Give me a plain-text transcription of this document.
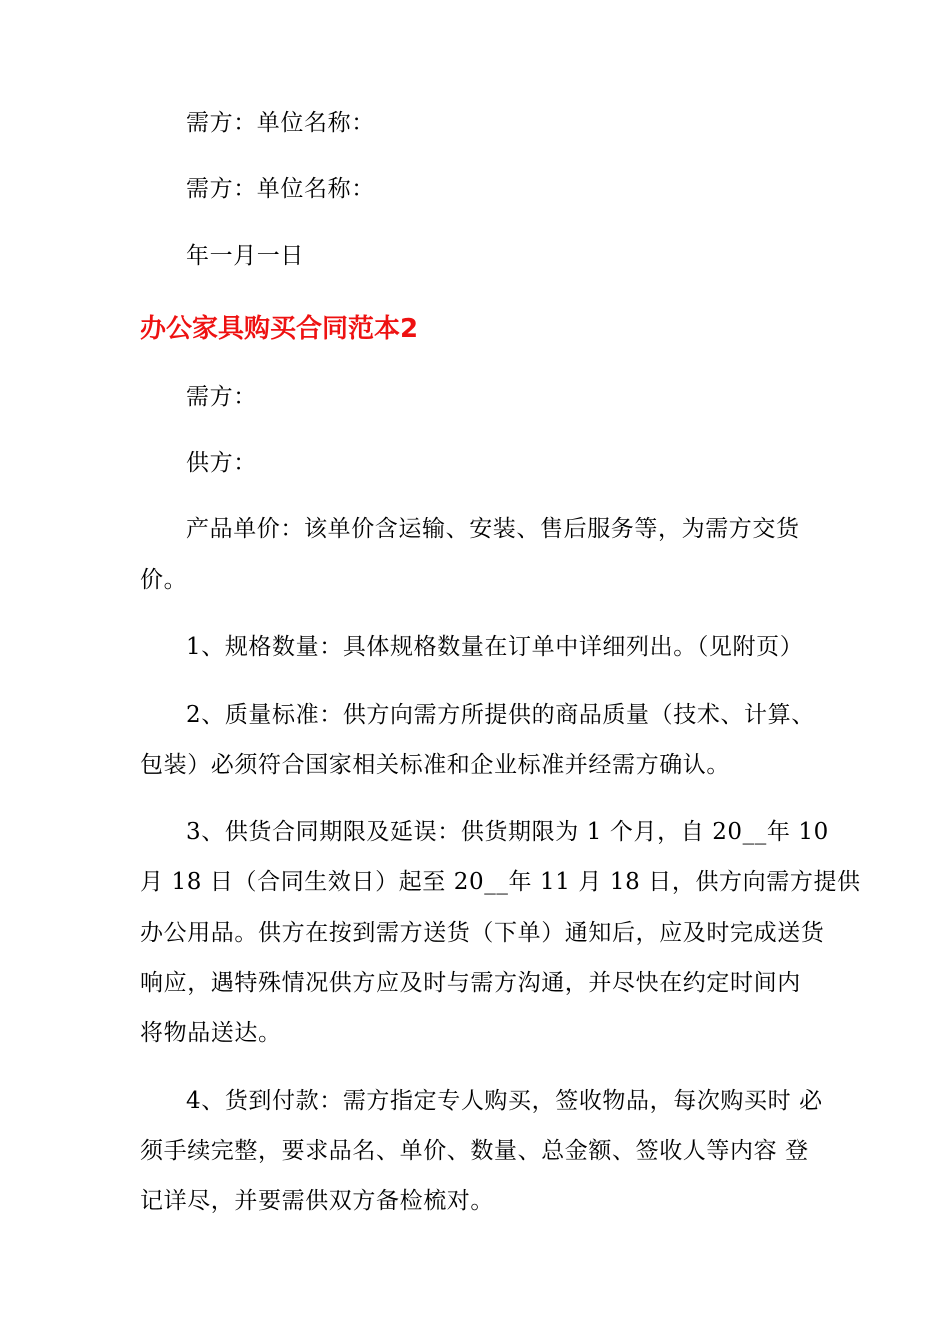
需方：单位名称：
需方：单位名称：
年一月一日
办公家具购买合同范本2
需方：
供方：
产品单价：该单价含运输、安装、售后服务等，为需方交货
价。
1、规格数量：具体规格数量在订单中详细列出。（见附页）
2、质量标准：供方向需方所提供的商品质量（技术、计算、
包装）必须符合国家相关标准和企业标准并经需方确认。
3、供货合同期限及延误：供货期限为 1 个月，自 20__年 10
月 18 日（合同生效日）起至 20__年 11 月 18 日，供方向需方提供
办公用品。供方在按到需方送货（下单）通知后，应及时完成送货
响应，遇特殊情况供方应及时与需方沟通，并尽快在约定时间内
将物品送达。
4、货到付款：需方指定专人购买，签收物品，每次购买时 必
须手续完整，要求品名、单价、数量、总金额、签收人等内容 登
记详尽，并要需供双方备检梳对。
